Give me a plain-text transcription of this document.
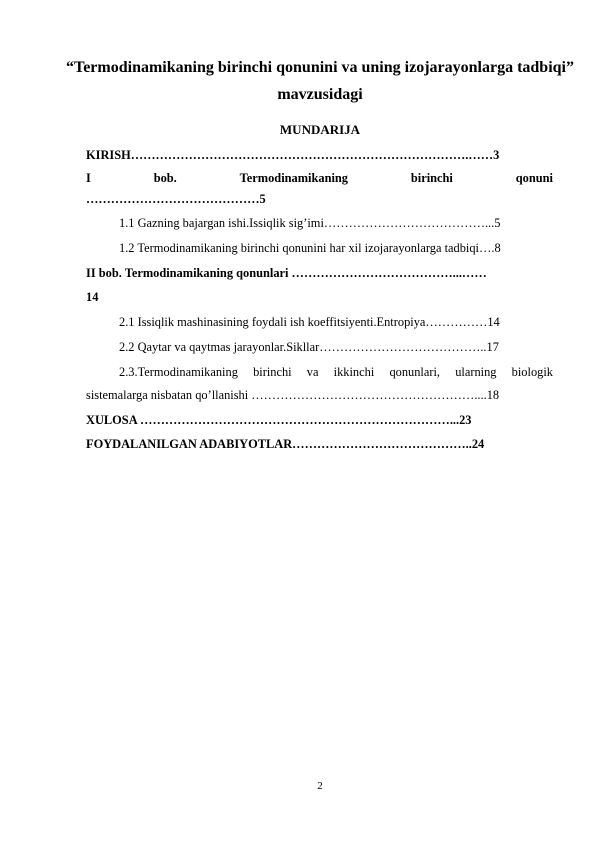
“Termodinamikaning birinchi qonunini va uning izojarayonlarga tadbiqi” mavzusidagi
MUNDARIJA
KIRISH……………………………………………………………………….……3
I	bob.	Termodinamikaning	birinchi	qonuni
……………………………………5
1.1 Gazning bajargan ishi.Issiqlik sig’imi…………………………………...5
1.2 Termodinamikaning birinchi qonunini har xil izojarayonlarga tadbiqi….8
II bob. Termodinamikaning qonunlari …………………………………...……
14
2.1 Issiqlik mashinasining foydali ish koeffitsiyenti.Entropiya……………14
2.2 Qaytar va qaytmas jarayonlar.Sikllar…………………………………..17
2.3.Termodinamikaning birinchi va ikkinchi qonunlari, ularning biologik
sistemalarga nisbatan qo’llanishi ………………………………………………....18
XULOSA …………………………………………………………………...23
FOYDALANILGAN ADABIYOTLAR……………………………………..24
2
